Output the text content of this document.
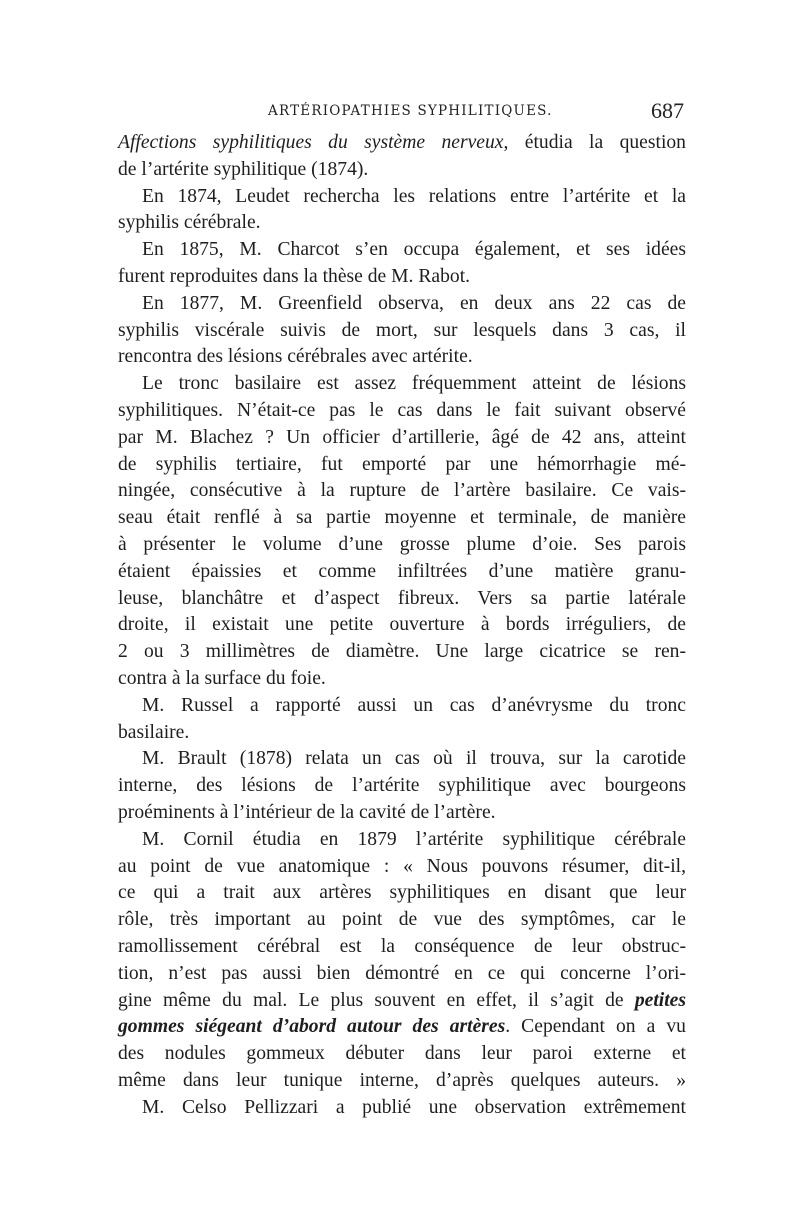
ARTÉRIOPATHIES SYPHILITIQUES.	687
Affections syphilitiques du système nerveux, étudia la question
de l’artérite syphilitique (1874).
En 1874, Leudet rechercha les relations entre l’artérite et la
syphilis cérébrale.
En 1875, M. Charcot s’en occupa également, et ses idées
furent reproduites dans la thèse de M. Rabot.
En 1877, M. Greenfield observa, en deux ans 22 cas de
syphilis viscérale suivis de mort, sur lesquels dans 3 cas, il
rencontra des lésions cérébrales avec artérite.
Le tronc basilaire est assez fréquemment atteint de lésions
syphilitiques. N’était-ce pas le cas dans le fait suivant observé
par M. Blachez ? Un officier d’artillerie, âgé de 42 ans, atteint
de syphilis tertiaire, fut emporté par une hémorrhagie mé-
ningée, consécutive à la rupture de l’artère basilaire. Ce vais-
seau était renflé à sa partie moyenne et terminale, de manière
à présenter le volume d’une grosse plume d’oie. Ses parois
étaient épaissies et comme infiltrées d’une matière granu-
leuse, blanchâtre et d’aspect fibreux. Vers sa partie latérale
droite, il existait une petite ouverture à bords irréguliers, de
2 ou 3 millimètres de diamètre. Une large cicatrice se ren-
contra à la surface du foie.
M. Russel a rapporté aussi un cas d’anévrysme du tronc
basilaire.
M. Brault (1878) relata un cas où il trouva, sur la carotide
interne, des lésions de l’artérite syphilitique avec bourgeons
proéminents à l’intérieur de la cavité de l’artère.
M. Cornil étudia en 1879 l’artérite syphilitique cérébrale
au point de vue anatomique : « Nous pouvons résumer, dit-il,
ce qui a trait aux artères syphilitiques en disant que leur
rôle, très important au point de vue des symptômes, car le
ramollissement cérébral est la conséquence de leur obstruc-
tion, n’est pas aussi bien démontré en ce qui concerne l’ori-
gine même du mal. Le plus souvent en effet, il s’agit de petites
gommes siégeant d’abord autour des artères. Cependant on a vu
des nodules gommeux débuter dans leur paroi externe et
même dans leur tunique interne, d’après quelques auteurs. »
M. Celso Pellizzari a publié une observation extrêmement
